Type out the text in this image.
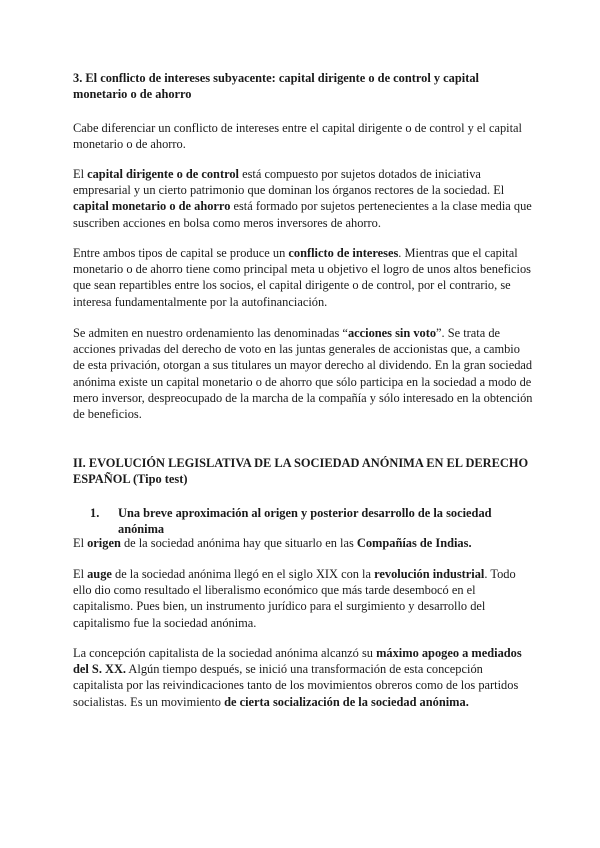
3. El conflicto de intereses subyacente: capital dirigente o de control y capital monetario o de ahorro

Cabe diferenciar un conflicto de intereses entre el capital dirigente o de control y el capital monetario o de ahorro.

El capital dirigente o de control está compuesto por sujetos dotados de iniciativa empresarial y un cierto patrimonio que dominan los órganos rectores de la sociedad. El capital monetario o de ahorro está formado por sujetos pertenecientes a la clase media que suscriben acciones en bolsa como meros inversores de ahorro.

Entre ambos tipos de capital se produce un conflicto de intereses. Mientras que el capital monetario o de ahorro tiene como principal meta u objetivo el logro de unos altos beneficios que sean repartibles entre los socios, el capital dirigente o de control, por el contrario, se interesa fundamentalmente por la autofinanciación.

Se admiten en nuestro ordenamiento las denominadas “acciones sin voto”. Se trata de acciones privadas del derecho de voto en las juntas generales de accionistas que, a cambio de esta privación, otorgan a sus titulares un mayor derecho al dividendo. En la gran sociedad anónima existe un capital monetario o de ahorro que sólo participa en la sociedad a modo de mero inversor, despreocupado de la marcha de la compañía y sólo interesado en la obtención de beneficios.

II. EVOLUCIÓN LEGISLATIVA DE LA SOCIEDAD ANÓNIMA EN EL DERECHO ESPAÑOL (Tipo test)

1. Una breve aproximación al origen y posterior desarrollo de la sociedad anónima

El origen de la sociedad anónima hay que situarlo en las Compañías de Indias.

El auge de la sociedad anónima llegó en el siglo XIX con la revolución industrial. Todo ello dio como resultado el liberalismo económico que más tarde desembocó en el capitalismo. Pues bien, un instrumento jurídico para el surgimiento y desarrollo del capitalismo fue la sociedad anónima.

La concepción capitalista de la sociedad anónima alcanzó su máximo apogeo a mediados del S. XX. Algún tiempo después, se inició una transformación de esta concepción capitalista por las reivindicaciones tanto de los movimientos obreros como de los partidos socialistas. Es un movimiento de cierta socialización de la sociedad anónima.
